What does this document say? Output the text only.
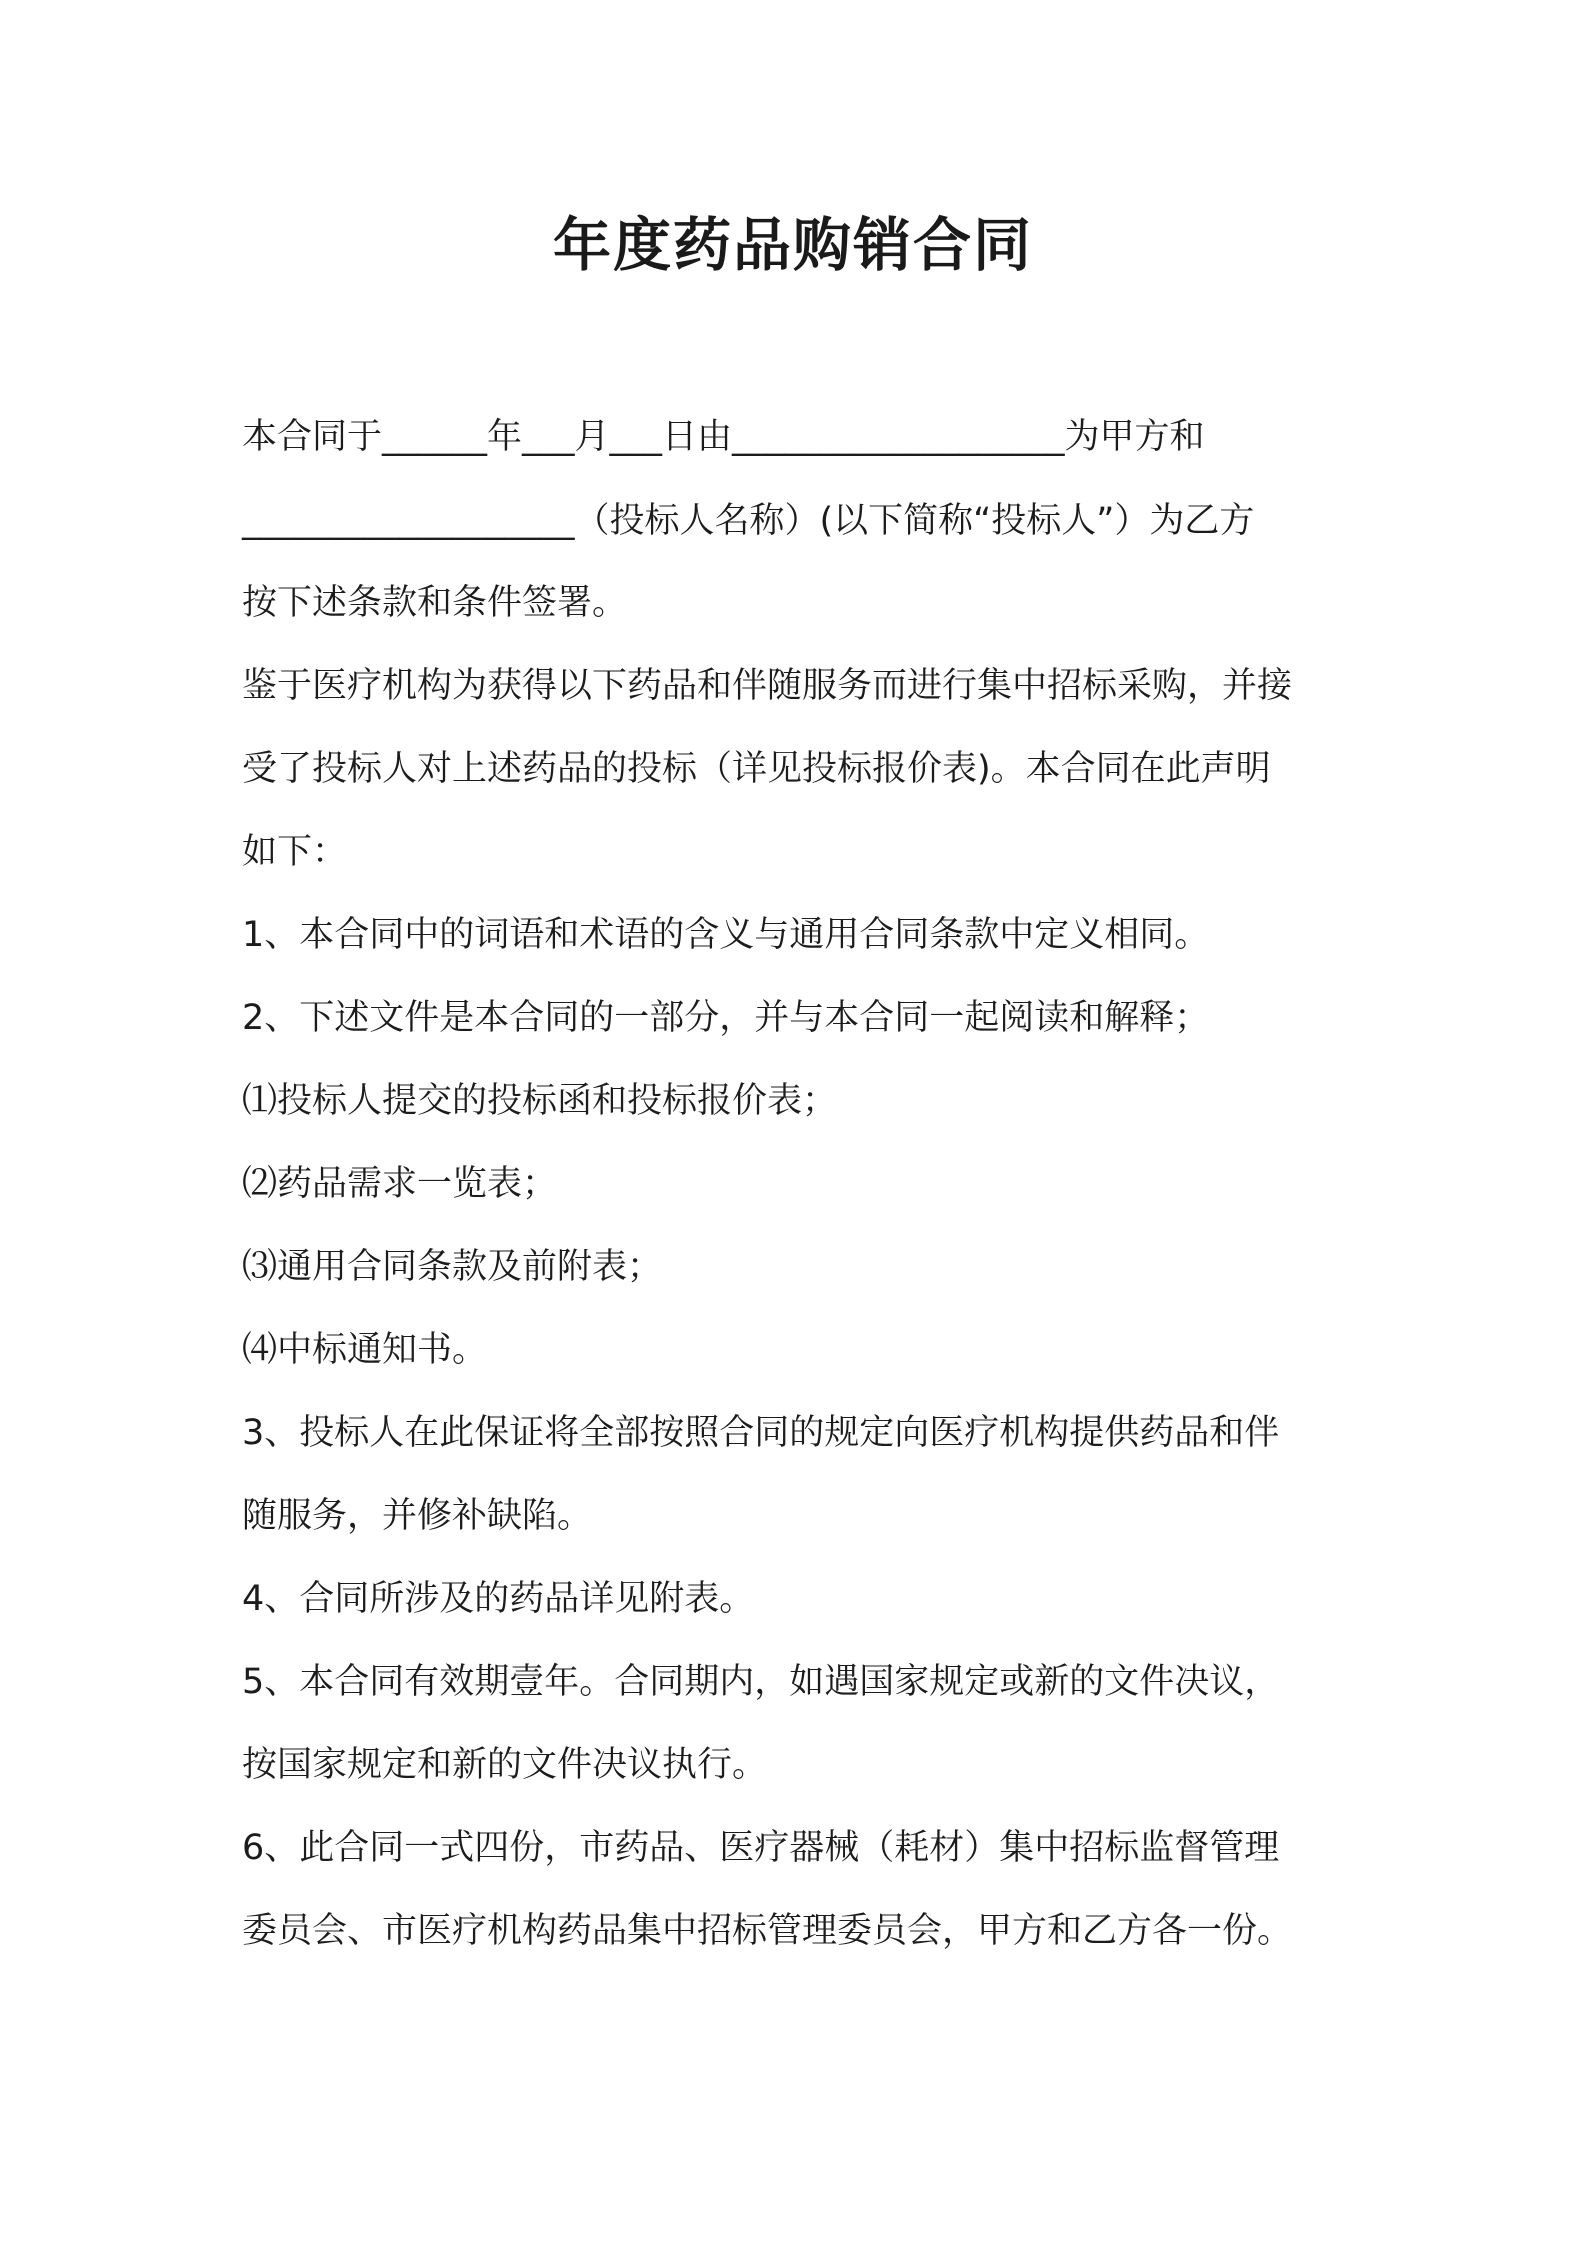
年度药品购销合同
本合同于______年___月___日由___________________为甲方和
___________________（投标人名称）(以下简称“投标人”）为乙方
按下述条款和条件签署。
鉴于医疗机构为获得以下药品和伴随服务而进行集中招标采购，并接
受了投标人对上述药品的投标（详见投标报价表)。本合同在此声明
如下：
1、本合同中的词语和术语的含义与通用合同条款中定义相同。
2、下述文件是本合同的一部分，并与本合同一起阅读和解释；
⑴投标人提交的投标函和投标报价表；
⑵药品需求一览表；
⑶通用合同条款及前附表；
⑷中标通知书。
3、投标人在此保证将全部按照合同的规定向医疗机构提供药品和伴
随服务，并修补缺陷。
4、合同所涉及的药品详见附表。
5、本合同有效期壹年。合同期内，如遇国家规定或新的文件决议，
按国家规定和新的文件决议执行。
6、此合同一式四份，市药品、医疗器械（耗材）集中招标监督管理
委员会、市医疗机构药品集中招标管理委员会，甲方和乙方各一份。
